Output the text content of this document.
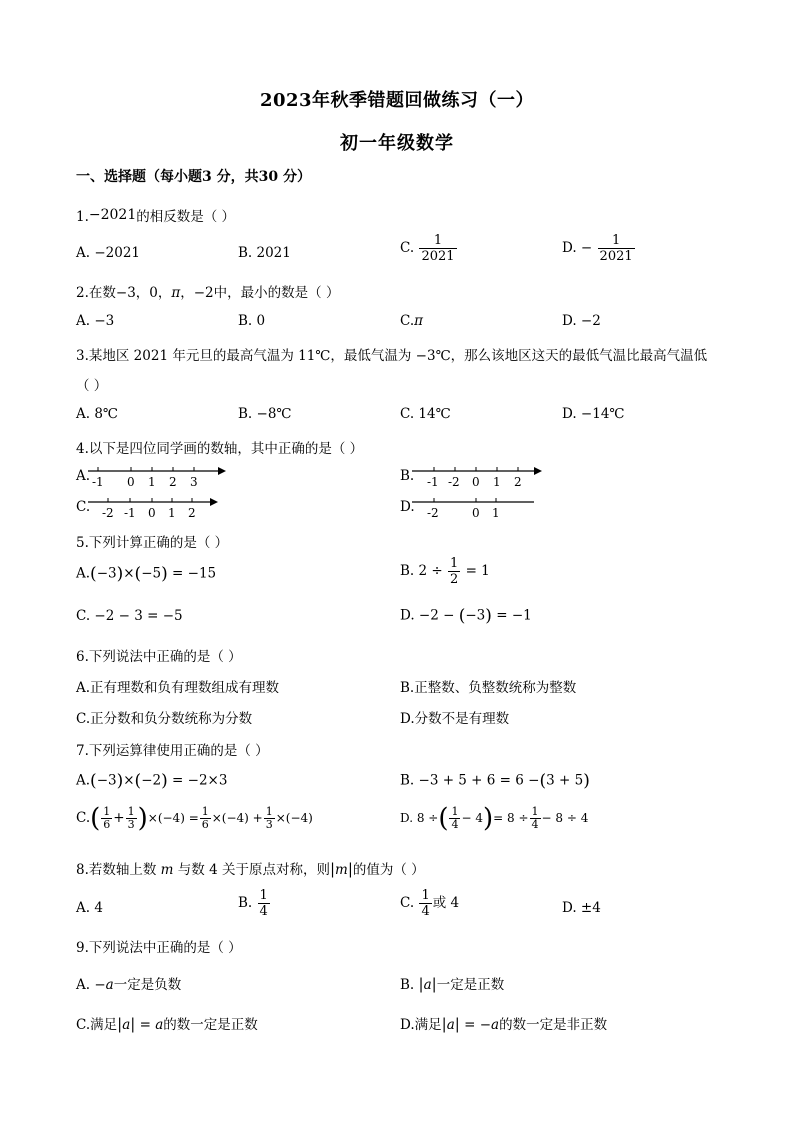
2023年秋季错题回做练习（一）
初一年级数学
一、选择题（每小题3 分，共30 分）
1.−2021的相反数是（ ）
A. −2021	B. 2021	C. $\frac{1}{2021}$	D. − $\frac{1}{2021}$
2.在数−3，0，π，−2中，最小的数是（ ）
A. −3	B. 0	C.π	D. −2
3.某地区 2021 年元旦的最高气温为 11℃，最低气温为 −3℃，那么该地区这天的最低气温比最高气温低
（ ）
A. 8℃	B. −8℃	C. 14℃	D. −14℃
4.以下是四位同学画的数轴，其中正确的是（ ）
A. -1 0 1 2 3	B. -1 -2 0 1 2
C. -2 -1 0 1 2	D. -2	0 1
5.下列计算正确的是（ ）
A.(−3)×(−5) = −15	B. $2 \div \frac{1}{2} = 1$
C. −2 − 3 = −5	D. −2 − (−3) = −1
6.下列说法中正确的是（ ）
A.正有理数和负有理数组成有理数	B.正整数、负整数统称为整数
C.正分数和负分数统称为分数	D.分数不是有理数
7.下列运算律使用正确的是（ ）
A.(−3)×(−2) = −2×3	B. −3 + 5 + 6 = 6 −(3 + 5)
$C.( \frac{1}{6} + \frac{1}{3} )\times(-4) = \frac{1}{6} \times(-4) + \frac{1}{3} \times(-4)$	D. 8 ÷( $\frac{1}{4} - 4)= 8 \div \frac{1}{4} - 8 \div 4$
8.若数轴上数 m 与数 4 关于原点对称，则|m|的值为（ ）
A. 4	B. $\frac{1}{4}$	C. $\frac{1}{4}$ 或 4	D. ±4
9.下列说法中正确的是（ ）
A. −a一定是负数	B. |a|一定是正数
C.满足|a| = a的数一定是正数	D.满足|a| = −a的数一定是非正数
